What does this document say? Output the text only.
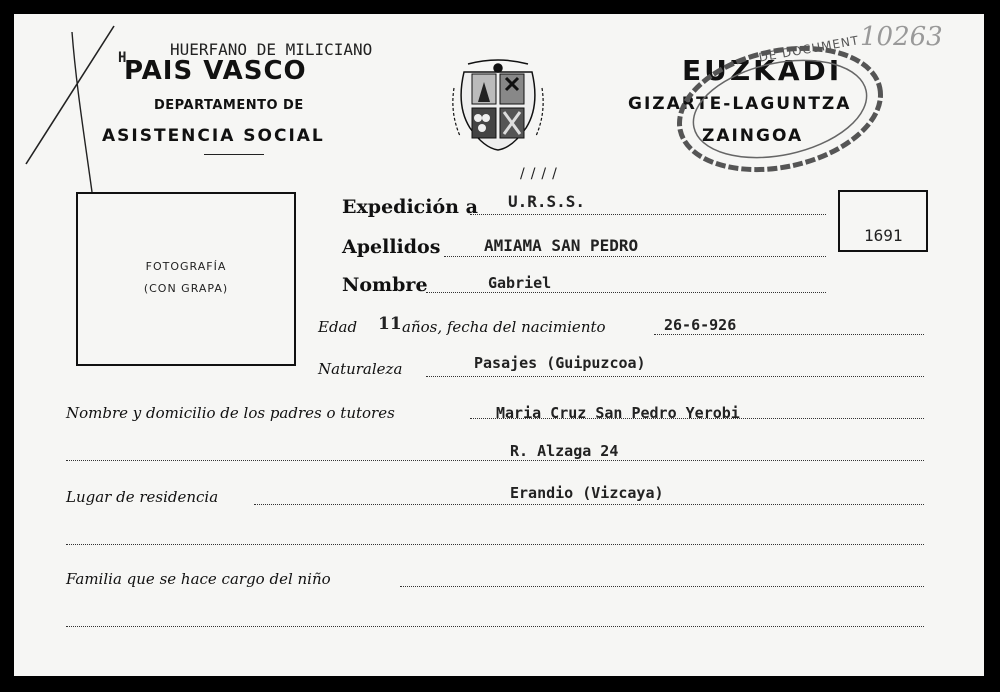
H	HUERFANO DE MILICIANO
PAIS VASCO
DEPARTAMENTO DE
ASISTENCIA SOCIAL
EUZKADI
GIZARTE-LAGUNTZA
ZAINGOA
DE DOCUMENT 10263
FOTOGRAFÍA
(CON GRAPA)
1691
////
Expedición a U.R.S.S.
Apellidos	AMIAMA SAN PEDRO
Nombre	Gabriel
Edad 11 años, fecha del nacimiento	26-6-926
Naturaleza	Pasajes (Guipuzcoa)
Nombre y domicilio de los padres o tutores	Maria Cruz San Pedro Yerobi
R. Alzaga 24
Lugar de residencia	Erandio (Vizcaya)
Familia que se hace cargo del niño
